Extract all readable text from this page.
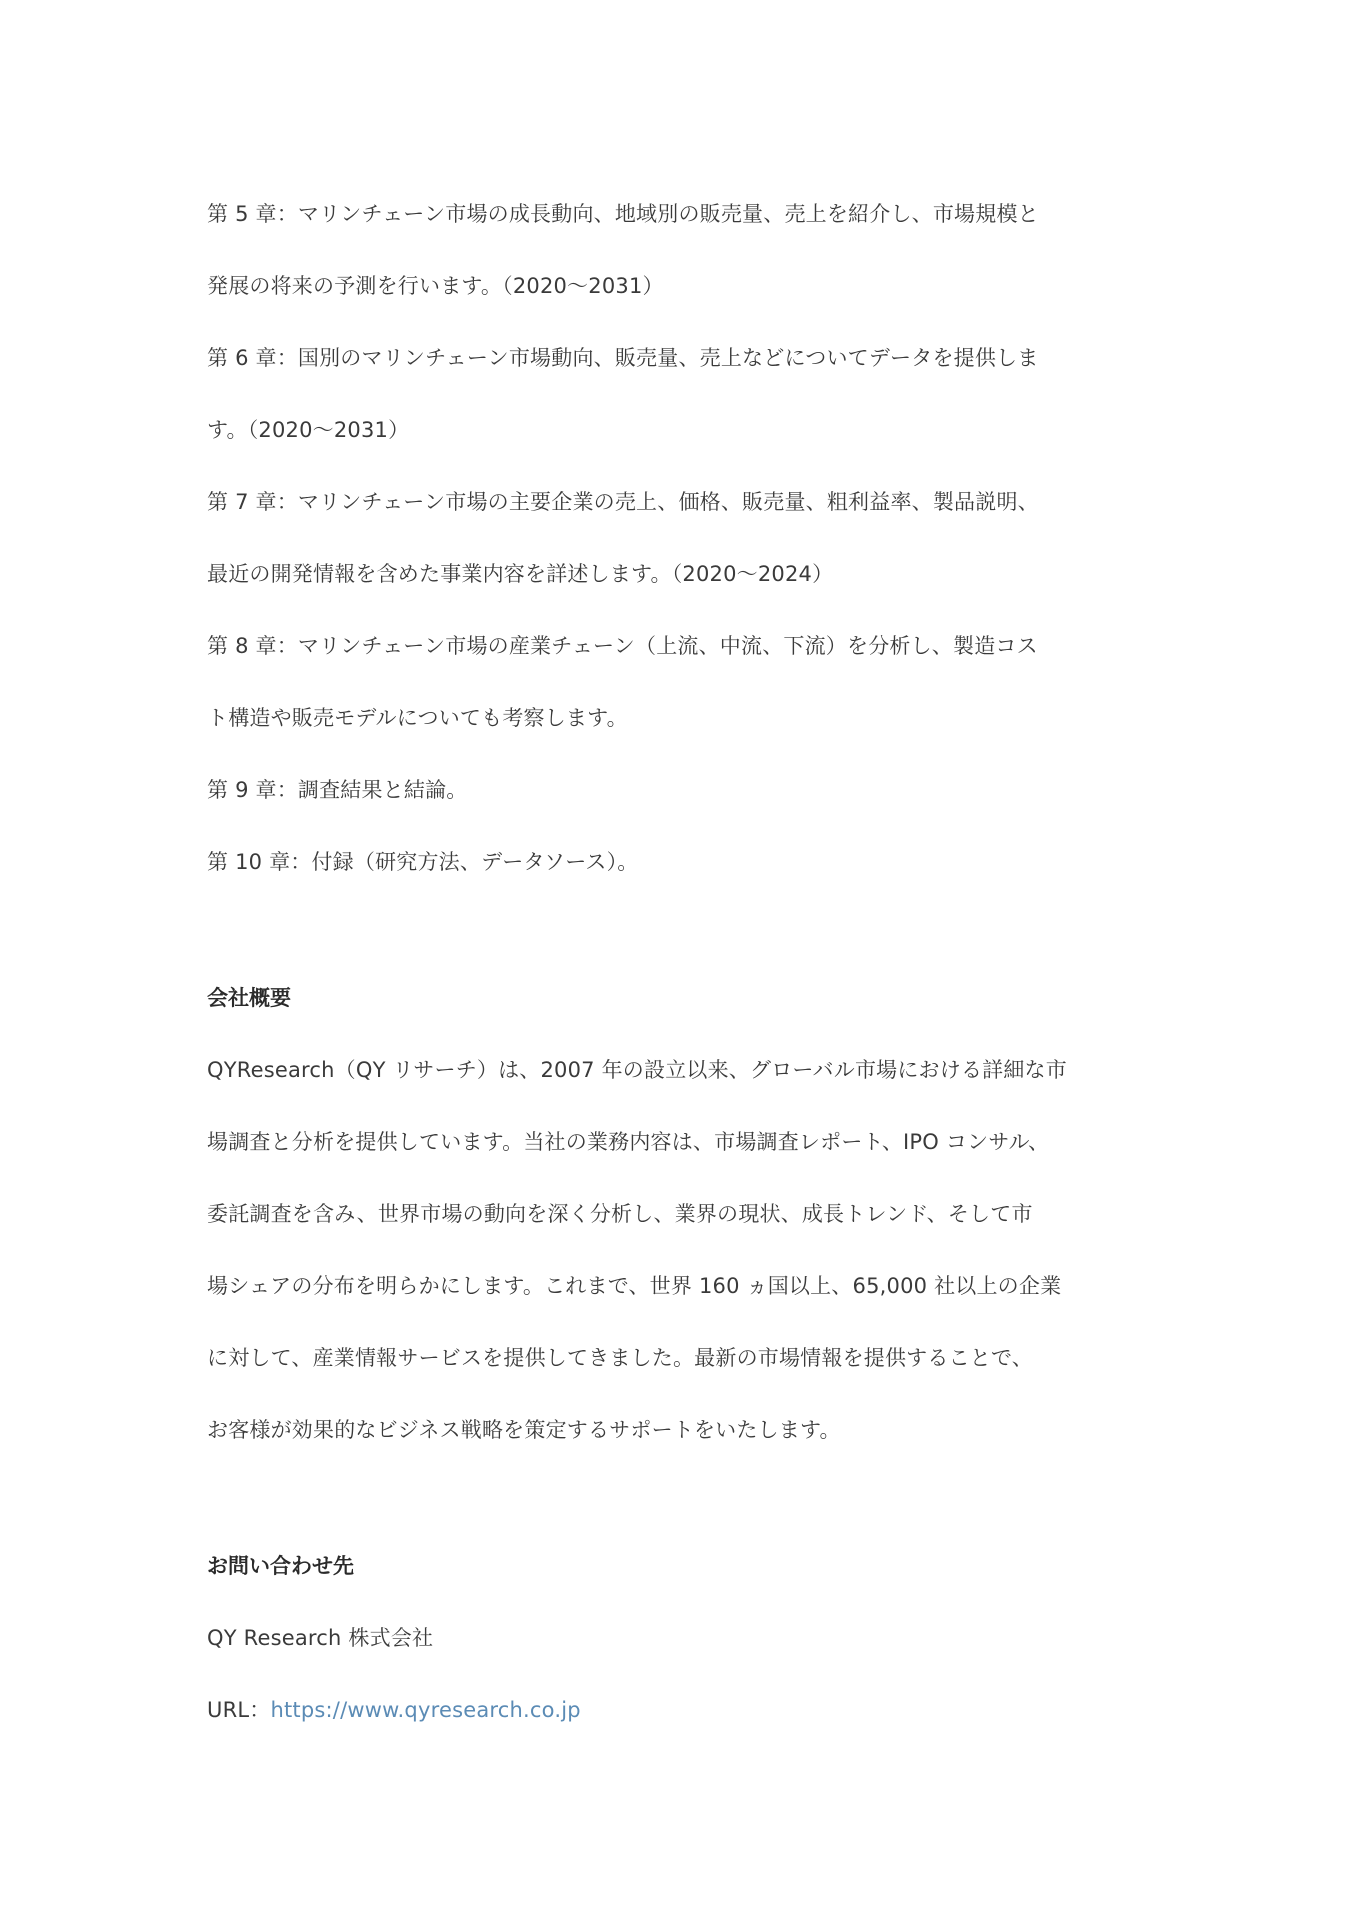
第 5 章：マリンチェーン市場の成長動向、地域別の販売量、売上を紹介し、市場規模と
発展の将来の予測を行います。（2020～2031）
第 6 章：国別のマリンチェーン市場動向、販売量、売上などについてデータを提供しま
す。（2020～2031）
第 7 章：マリンチェーン市場の主要企業の売上、価格、販売量、粗利益率、製品説明、
最近の開発情報を含めた事業内容を詳述します。（2020～2024）
第 8 章：マリンチェーン市場の産業チェーン（上流、中流、下流）を分析し、製造コス
ト構造や販売モデルについても考察します。
第 9 章：調査結果と結論。
第 10 章：付録（研究方法、データソース）。
会社概要
QYResearch（QY リサーチ）は、2007 年の設立以来、グローバル市場における詳細な市
場調査と分析を提供しています。当社の業務内容は、市場調査レポート、IPO コンサル、
委託調査を含み、世界市場の動向を深く分析し、業界の現状、成長トレンド、そして市
場シェアの分布を明らかにします。これまで、世界 160 ヵ国以上、65,000 社以上の企業
に対して、産業情報サービスを提供してきました。最新の市場情報を提供することで、
お客様が効果的なビジネス戦略を策定するサポートをいたします。
お問い合わせ先
QY Research 株式会社
URL：https://www.qyresearch.co.jp
